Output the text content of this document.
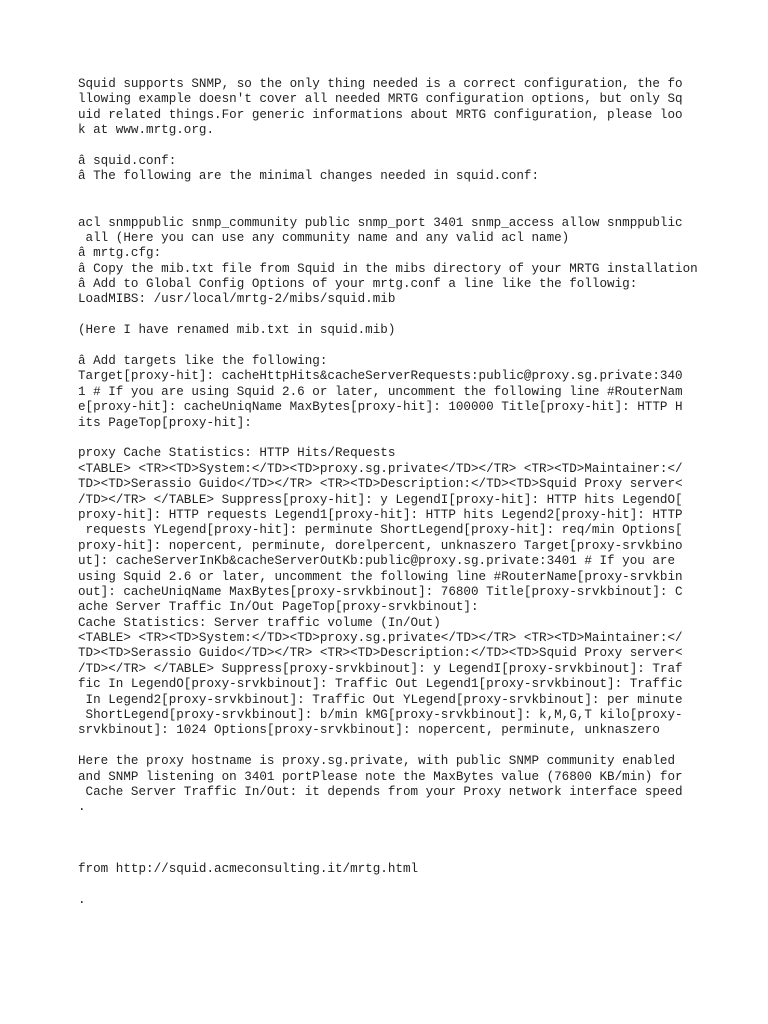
Squid supports SNMP, so the only thing needed is a correct configuration, the fo
llowing example doesn't cover all needed MRTG configuration options, but only Sq
uid related things.For generic informations about MRTG configuration, please loo
k at www.mrtg.org.
â squid.conf:
â The following are the minimal changes needed in squid.conf:
acl snmppublic snmp_community public snmp_port 3401 snmp_access allow snmppublic
all (Here you can use any community name and any valid acl name)
â mrtg.cfg:
â Copy the mib.txt file from Squid in the mibs directory of your MRTG installation
â Add to Global Config Options of your mrtg.conf a line like the followig:
LoadMIBS: /usr/local/mrtg-2/mibs/squid.mib
(Here I have renamed mib.txt in squid.mib)
â Add targets like the following:
Target[proxy-hit]: cacheHttpHits&cacheServerRequests:public@proxy.sg.private:340
1 # If you are using Squid 2.6 or later, uncomment the following line #RouterNam
e[proxy-hit]: cacheUniqName MaxBytes[proxy-hit]: 100000 Title[proxy-hit]: HTTP H
its PageTop[proxy-hit]:
proxy Cache Statistics: HTTP Hits/Requests
<TABLE> <TR><TD>System:</TD><TD>proxy.sg.private</TD></TR> <TR><TD>Maintainer:</
TD><TD>Serassio Guido</TD></TR> <TR><TD>Description:</TD><TD>Squid Proxy server<
/TD></TR> </TABLE> Suppress[proxy-hit]: y LegendI[proxy-hit]: HTTP hits LegendO[
proxy-hit]: HTTP requests Legend1[proxy-hit]: HTTP hits Legend2[proxy-hit]: HTTP
requests YLegend[proxy-hit]: perminute ShortLegend[proxy-hit]: req/min Options[
proxy-hit]: nopercent, perminute, dorelpercent, unknaszero Target[proxy-srvkbino
ut]: cacheServerInKb&cacheServerOutKb:public@proxy.sg.private:3401 # If you are
using Squid 2.6 or later, uncomment the following line #RouterName[proxy-srvkbin
out]: cacheUniqName MaxBytes[proxy-srvkbinout]: 76800 Title[proxy-srvkbinout]: C
ache Server Traffic In/Out PageTop[proxy-srvkbinout]:
Cache Statistics: Server traffic volume (In/Out)
<TABLE> <TR><TD>System:</TD><TD>proxy.sg.private</TD></TR> <TR><TD>Maintainer:</
TD><TD>Serassio Guido</TD></TR> <TR><TD>Description:</TD><TD>Squid Proxy server<
/TD></TR> </TABLE> Suppress[proxy-srvkbinout]: y LegendI[proxy-srvkbinout]: Traf
fic In LegendO[proxy-srvkbinout]: Traffic Out Legend1[proxy-srvkbinout]: Traffic
In Legend2[proxy-srvkbinout]: Traffic Out YLegend[proxy-srvkbinout]: per minute
ShortLegend[proxy-srvkbinout]: b/min kMG[proxy-srvkbinout]: k,M,G,T kilo[proxy-
srvkbinout]: 1024 Options[proxy-srvkbinout]: nopercent, perminute, unknaszero
Here the proxy hostname is proxy.sg.private, with public SNMP community enabled
and SNMP listening on 3401 portPlease note the MaxBytes value (76800 KB/min) for
Cache Server Traffic In/Out: it depends from your Proxy network interface speed
.
from http://squid.acmeconsulting.it/mrtg.html
.
